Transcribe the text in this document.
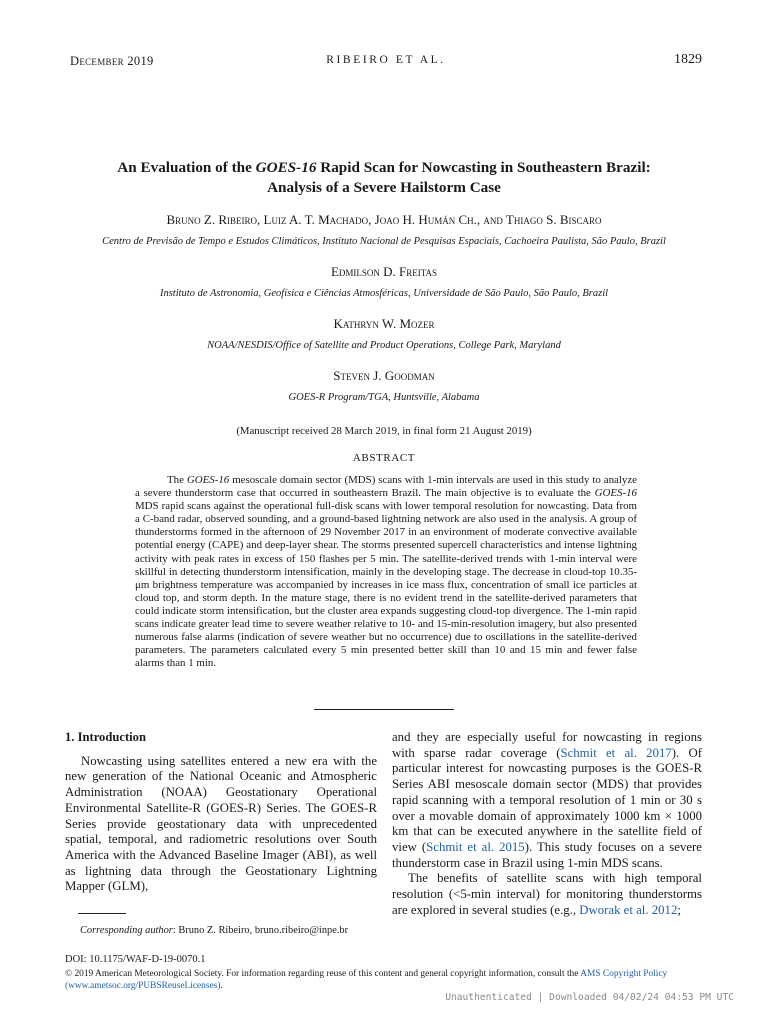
December 2019	RIBEIRO ET AL.	1829
An Evaluation of the GOES-16 Rapid Scan for Nowcasting in Southeastern Brazil: Analysis of a Severe Hailstorm Case
Bruno Z. Ribeiro, Luiz A. T. Machado, Joao H. Humán Ch., and Thiago S. Biscaro
Centro de Previsão de Tempo e Estudos Climáticos, Instituto Nacional de Pesquisas Espaciais, Cachoeira Paulista, São Paulo, Brazil
Edmilson D. Freitas
Instituto de Astronomia, Geofísica e Ciências Atmosféricas, Universidade de São Paulo, São Paulo, Brazil
Kathryn W. Mozer
NOAA/NESDIS/Office of Satellite and Product Operations, College Park, Maryland
Steven J. Goodman
GOES-R Program/TGA, Huntsville, Alabama
(Manuscript received 28 March 2019, in final form 21 August 2019)
ABSTRACT
The GOES-16 mesoscale domain sector (MDS) scans with 1-min intervals are used in this study to analyze a severe thunderstorm case that occurred in southeastern Brazil. The main objective is to evaluate the GOES-16 MDS rapid scans against the operational full-disk scans with lower temporal resolution for nowcasting. Data from a C-band radar, observed sounding, and a ground-based lightning network are also used in the analysis. A group of thunderstorms formed in the afternoon of 29 November 2017 in an environment of moderate convective available potential energy (CAPE) and deep-layer shear. The storms presented supercell characteristics and intense lightning activity with peak rates in excess of 150 flashes per 5 min. The satellite-derived trends with 1-min interval were skillful in detecting thunderstorm intensification, mainly in the developing stage. The decrease in cloud-top 10.35-μm brightness temperature was accompanied by increases in ice mass flux, concentration of small ice particles at cloud top, and storm depth. In the mature stage, there is no evident trend in the satellite-derived parameters that could indicate storm intensification, but the cluster area expands suggesting cloud-top divergence. The 1-min rapid scans indicate greater lead time to severe weather relative to 10- and 15-min-resolution imagery, but also presented numerous false alarms (indication of severe weather but no occurrence) due to oscillations in the satellite-derived parameters. The parameters calculated every 5 min presented better skill than 10 and 15 min and fewer false alarms than 1 min.
1. Introduction

Nowcasting using satellites entered a new era with the new generation of the National Oceanic and Atmospheric Administration (NOAA) Geostationary Operational Environmental Satellite-R (GOES-R) Series. The GOES-R Series provide geostationary data with unprecedented spatial, temporal, and radiometric resolutions over South America with the Advanced Baseline Imager (ABI), as well as lightning data through the Geostationary Lightning Mapper (GLM),

and they are especially useful for nowcasting in regions with sparse radar coverage (Schmit et al. 2017). Of particular interest for nowcasting purposes is the GOES-R Series ABI mesoscale domain sector (MDS) that provides rapid scanning with a temporal resolution of 1 min or 30 s over a movable domain of approximately 1000 km × 1000 km that can be executed anywhere in the satellite field of view (Schmit et al. 2015). This study focuses on a severe thunderstorm case in Brazil using 1-min MDS scans.

The benefits of satellite scans with high temporal resolution (<5-min interval) for monitoring thunderstorms are explored in several studies (e.g., Dworak et al. 2012;

Corresponding author: Bruno Z. Ribeiro, bruno.ribeiro@inpe.br
DOI: 10.1175/WAF-D-19-0070.1
© 2019 American Meteorological Society. For information regarding reuse of this content and general copyright information, consult the AMS Copyright Policy (www.ametsoc.org/PUBSReuseLicenses).
Unauthenticated | Downloaded 04/02/24 04:53 PM UTC
